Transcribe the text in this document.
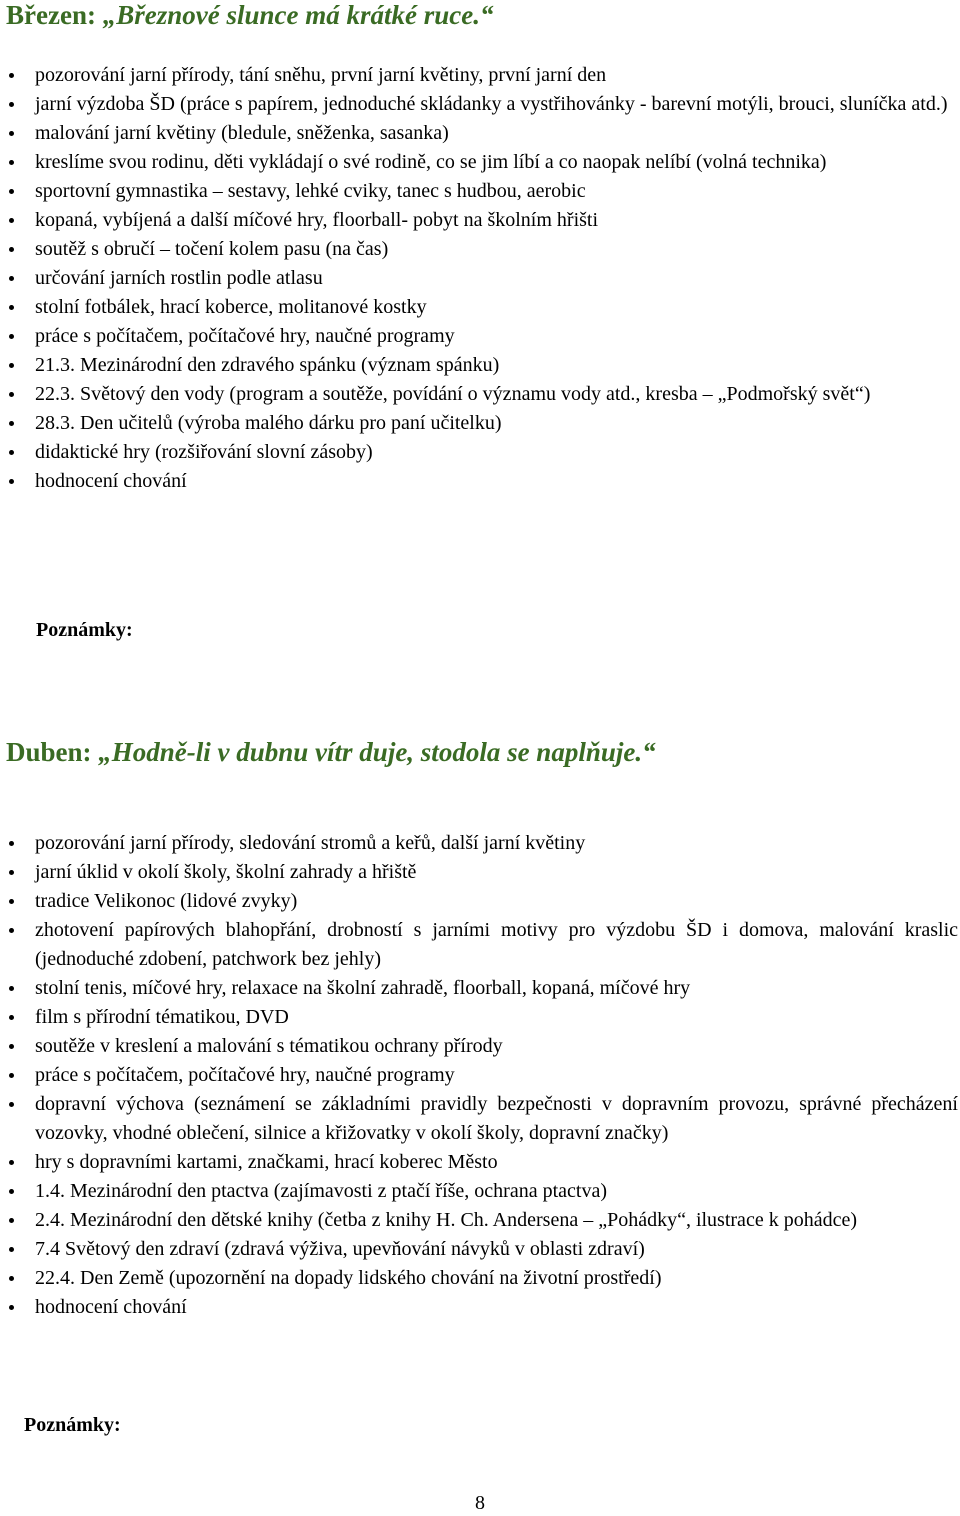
Březen: „Březnové slunce má krátké ruce.“
pozorování jarní přírody, tání sněhu, první jarní květiny, první jarní den
jarní výzdoba ŠD (práce s papírem, jednoduché skládanky a vystřihovánky - barevní motýli, brouci, sluníčka atd.)
malování jarní květiny (bledule, sněženka, sasanka)
kreslíme svou rodinu, děti vykládají o své rodině, co se jim líbí a co naopak nelíbí (volná technika)
sportovní gymnastika – sestavy, lehké cviky, tanec s hudbou, aerobic
kopaná, vybíjená a další míčové hry, floorball- pobyt na školním hřišti
soutěž s obručí – točení kolem pasu (na čas)
určování jarních rostlin podle atlasu
stolní fotbálek, hrací koberce, molitanové kostky
práce s počítačem, počítačové hry, naučné programy
21.3. Mezinárodní den zdravého spánku (význam spánku)
22.3. Světový den vody (program a soutěže, povídání o významu vody atd., kresba – „Podmořský svět“)
28.3. Den učitelů (výroba malého dárku pro paní učitelku)
didaktické hry (rozšiřování slovní zásoby)
hodnocení chování

Poznámky:

Duben: „Hodně-li v dubnu vítr duje, stodola se naplňuje.“
pozorování jarní přírody, sledování stromů a keřů, další jarní květiny
jarní úklid v okolí školy, školní zahrady a hřiště
tradice Velikonoc (lidové zvyky)
zhotovení papírových blahopřání, drobností s jarními motivy pro výzdobu ŠD i domova, malování kraslic (jednoduché zdobení, patchwork bez jehly)
stolní tenis, míčové hry, relaxace na školní zahradě, floorball, kopaná, míčové hry
film s přírodní tématikou, DVD
soutěže v kreslení a malování s tématikou ochrany přírody
práce s počítačem, počítačové hry, naučné programy
dopravní výchova (seznámení se základními pravidly bezpečnosti v dopravním provozu, správné přecházení vozovky, vhodné oblečení, silnice a křižovatky v okolí školy, dopravní značky)
hry s dopravními kartami, značkami, hrací koberec Město
1.4. Mezinárodní den ptactva (zajímavosti z ptačí říše, ochrana ptactva)
2.4. Mezinárodní den dětské knihy (četba z knihy H. Ch. Andersena – „Pohádky“, ilustrace k pohádce)
7.4 Světový den zdraví (zdravá výživa, upevňování návyků v oblasti zdraví)
22.4. Den Země (upozornění na dopady lidského chování na životní prostředí)
hodnocení chování

Poznámky:

8
